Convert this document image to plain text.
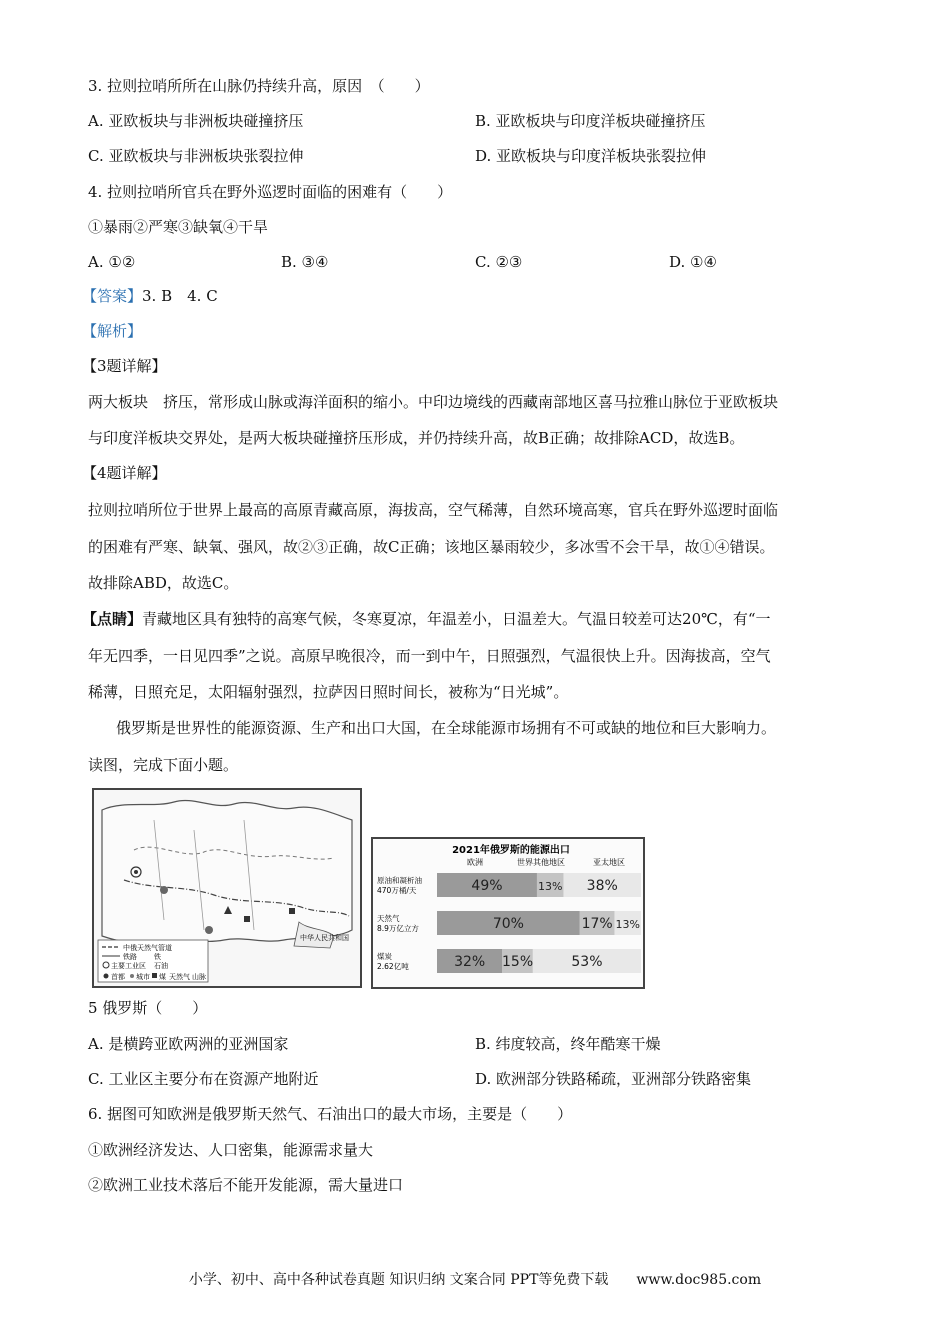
3. 拉则拉哨所所在山脉仍持续升高，原因　（　　）
A. 亚欧板块与非洲板块碰撞挤压	B. 亚欧板块与印度洋板块碰撞挤压
C. 亚欧板块与非洲板块张裂拉伸	D. 亚欧板块与印度洋板块张裂拉伸
4. 拉则拉哨所官兵在野外巡逻时面临的困难有（　　）
①暴雨②严寒③缺氧④干旱
A. ①②	B. ③④	C. ②③	D. ①④
【答案】3. B　4. C
【解析】
【3题详解】
两大板块　挤压，常形成山脉或海洋面积的缩小。中印边境线的西藏南部地区喜马拉雅山脉位于亚欧板块
与印度洋板块交界处，是两大板块碰撞挤压形成，并仍持续升高，故B正确；故排除ACD，故选B。
【4题详解】
拉则拉哨所位于世界上最高的高原青藏高原，海拔高，空气稀薄，自然环境高寒，官兵在野外巡逻时面临
的困难有严寒、缺氧、强风，故②③正确，故C正确；该地区暴雨较少，多冰雪不会干旱，故①④错误。
故排除ABD，故选C。
【点睛】青藏地区具有独特的高寒气候，冬寒夏凉，年温差小，日温差大。气温日较差可达20℃，有“一
年无四季，一日见四季”之说。高原早晚很冷，而一到中午，日照强烈，气温很快上升。因海拔高，空气
稀薄，日照充足，太阳辐射强烈，拉萨因日照时间长，被称为“日光城”。
俄罗斯是世界性的能源资源、生产和出口大国，在全球能源市场拥有不可或缺的地位和巨大影响力。
读图，完成下面小题。
中俄天然气管道
铁路
主要工业区
铁
石油
首都 城市 煤 天然气 山脉
中华人民共和国
2021年俄罗斯的能源出口
欧洲	世界其他地区	亚太地区
原油和凝析油
470万桶/天	49%	13% 38%
天然气
8.9万亿立方	70%	17% 13%
煤炭
2.62亿吨	32% 15%	53%
5 俄罗斯（　　）
A. 是横跨亚欧两洲的亚洲国家	B. 纬度较高，终年酷寒干燥
C. 工业区主要分布在资源产地附近	D. 欧洲部分铁路稀疏，亚洲部分铁路密集
6. 据图可知欧洲是俄罗斯天然气、石油出口的最大市场，主要是（　　）
①欧洲经济发达、人口密集，能源需求量大
②欧洲工业技术落后不能开发能源，需大量进口
小学、初中、高中各种试卷真题 知识归纳 文案合同 PPT等免费下载　　www.doc985.com
